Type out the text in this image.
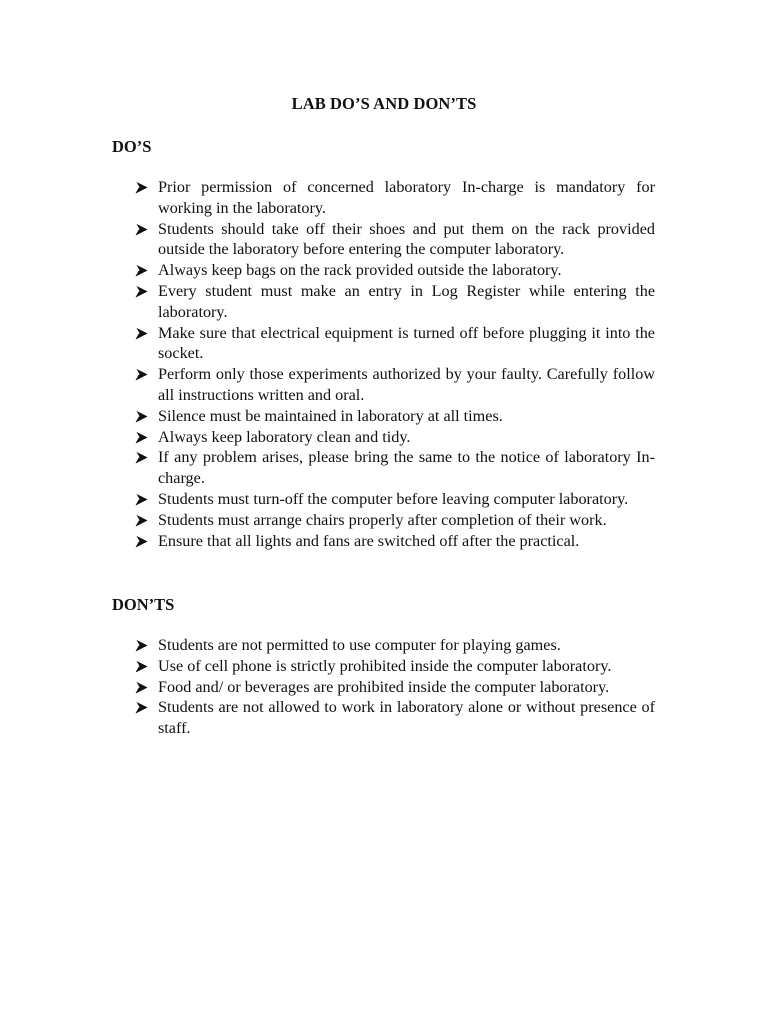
LAB DO’S AND DON’TS
DO’S
Prior permission of concerned laboratory In-charge is mandatory for working in the laboratory.
Students should take off their shoes and put them on the rack provided outside the laboratory before entering the computer laboratory.
Always keep bags on the rack provided outside the laboratory.
Every student must make an entry in Log Register while entering the laboratory.
Make sure that electrical equipment is turned off before plugging it into the socket.
Perform only those experiments authorized by your faulty. Carefully follow all instructions written and oral.
Silence must be maintained in laboratory at all times.
Always keep laboratory clean and tidy.
If any problem arises, please bring the same to the notice of laboratory In-charge.
Students must turn-off the computer before leaving computer laboratory.
Students must arrange chairs properly after completion of their work.
Ensure that all lights and fans are switched off after the practical.
DON’TS
Students are not permitted to use computer for playing games.
Use of cell phone is strictly prohibited inside the computer laboratory.
Food and/ or beverages are prohibited inside the computer laboratory.
Students are not allowed to work in laboratory alone or without presence of staff.
